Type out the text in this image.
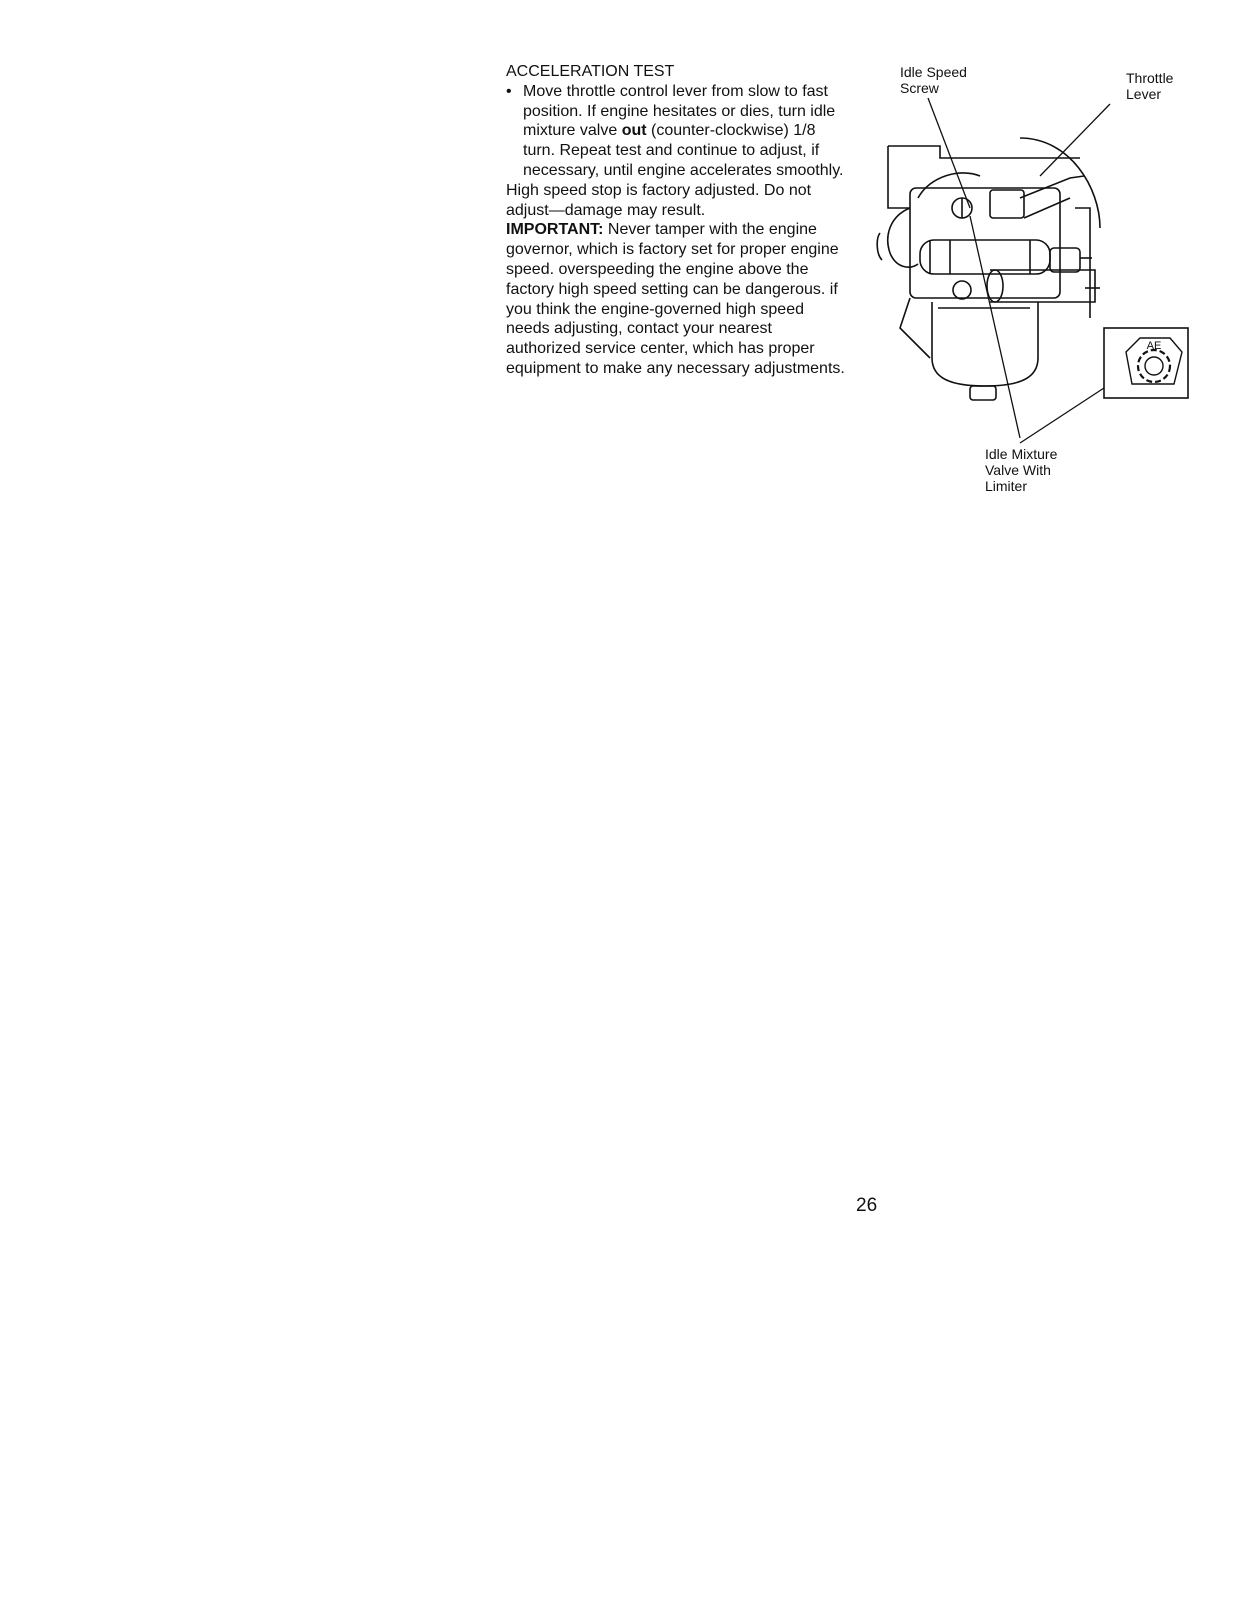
ACCELERATION TEST
• Move throttle control lever from slow to fast position. If engine hesitates or dies, turn idle mixture valve out (counter-clockwise) 1/8 turn. Repeat test and continue to adjust, if necessary, until engine accelerates smoothly.

High speed stop is factory adjusted. Do not adjust—damage may result.

IMPORTANT: Never tamper with the engine governor, which is factory set for proper engine speed. overspeeding the engine above the factory high speed setting can be dangerous. if you think the engine-governed high speed needs adjusting, contact your nearest authorized service center, which has proper equipment to make any necessary adjustments.

AE
Idle Speed
Screw
Throttle
Lever
Idle Mixture
Valve With
Limiter
26
